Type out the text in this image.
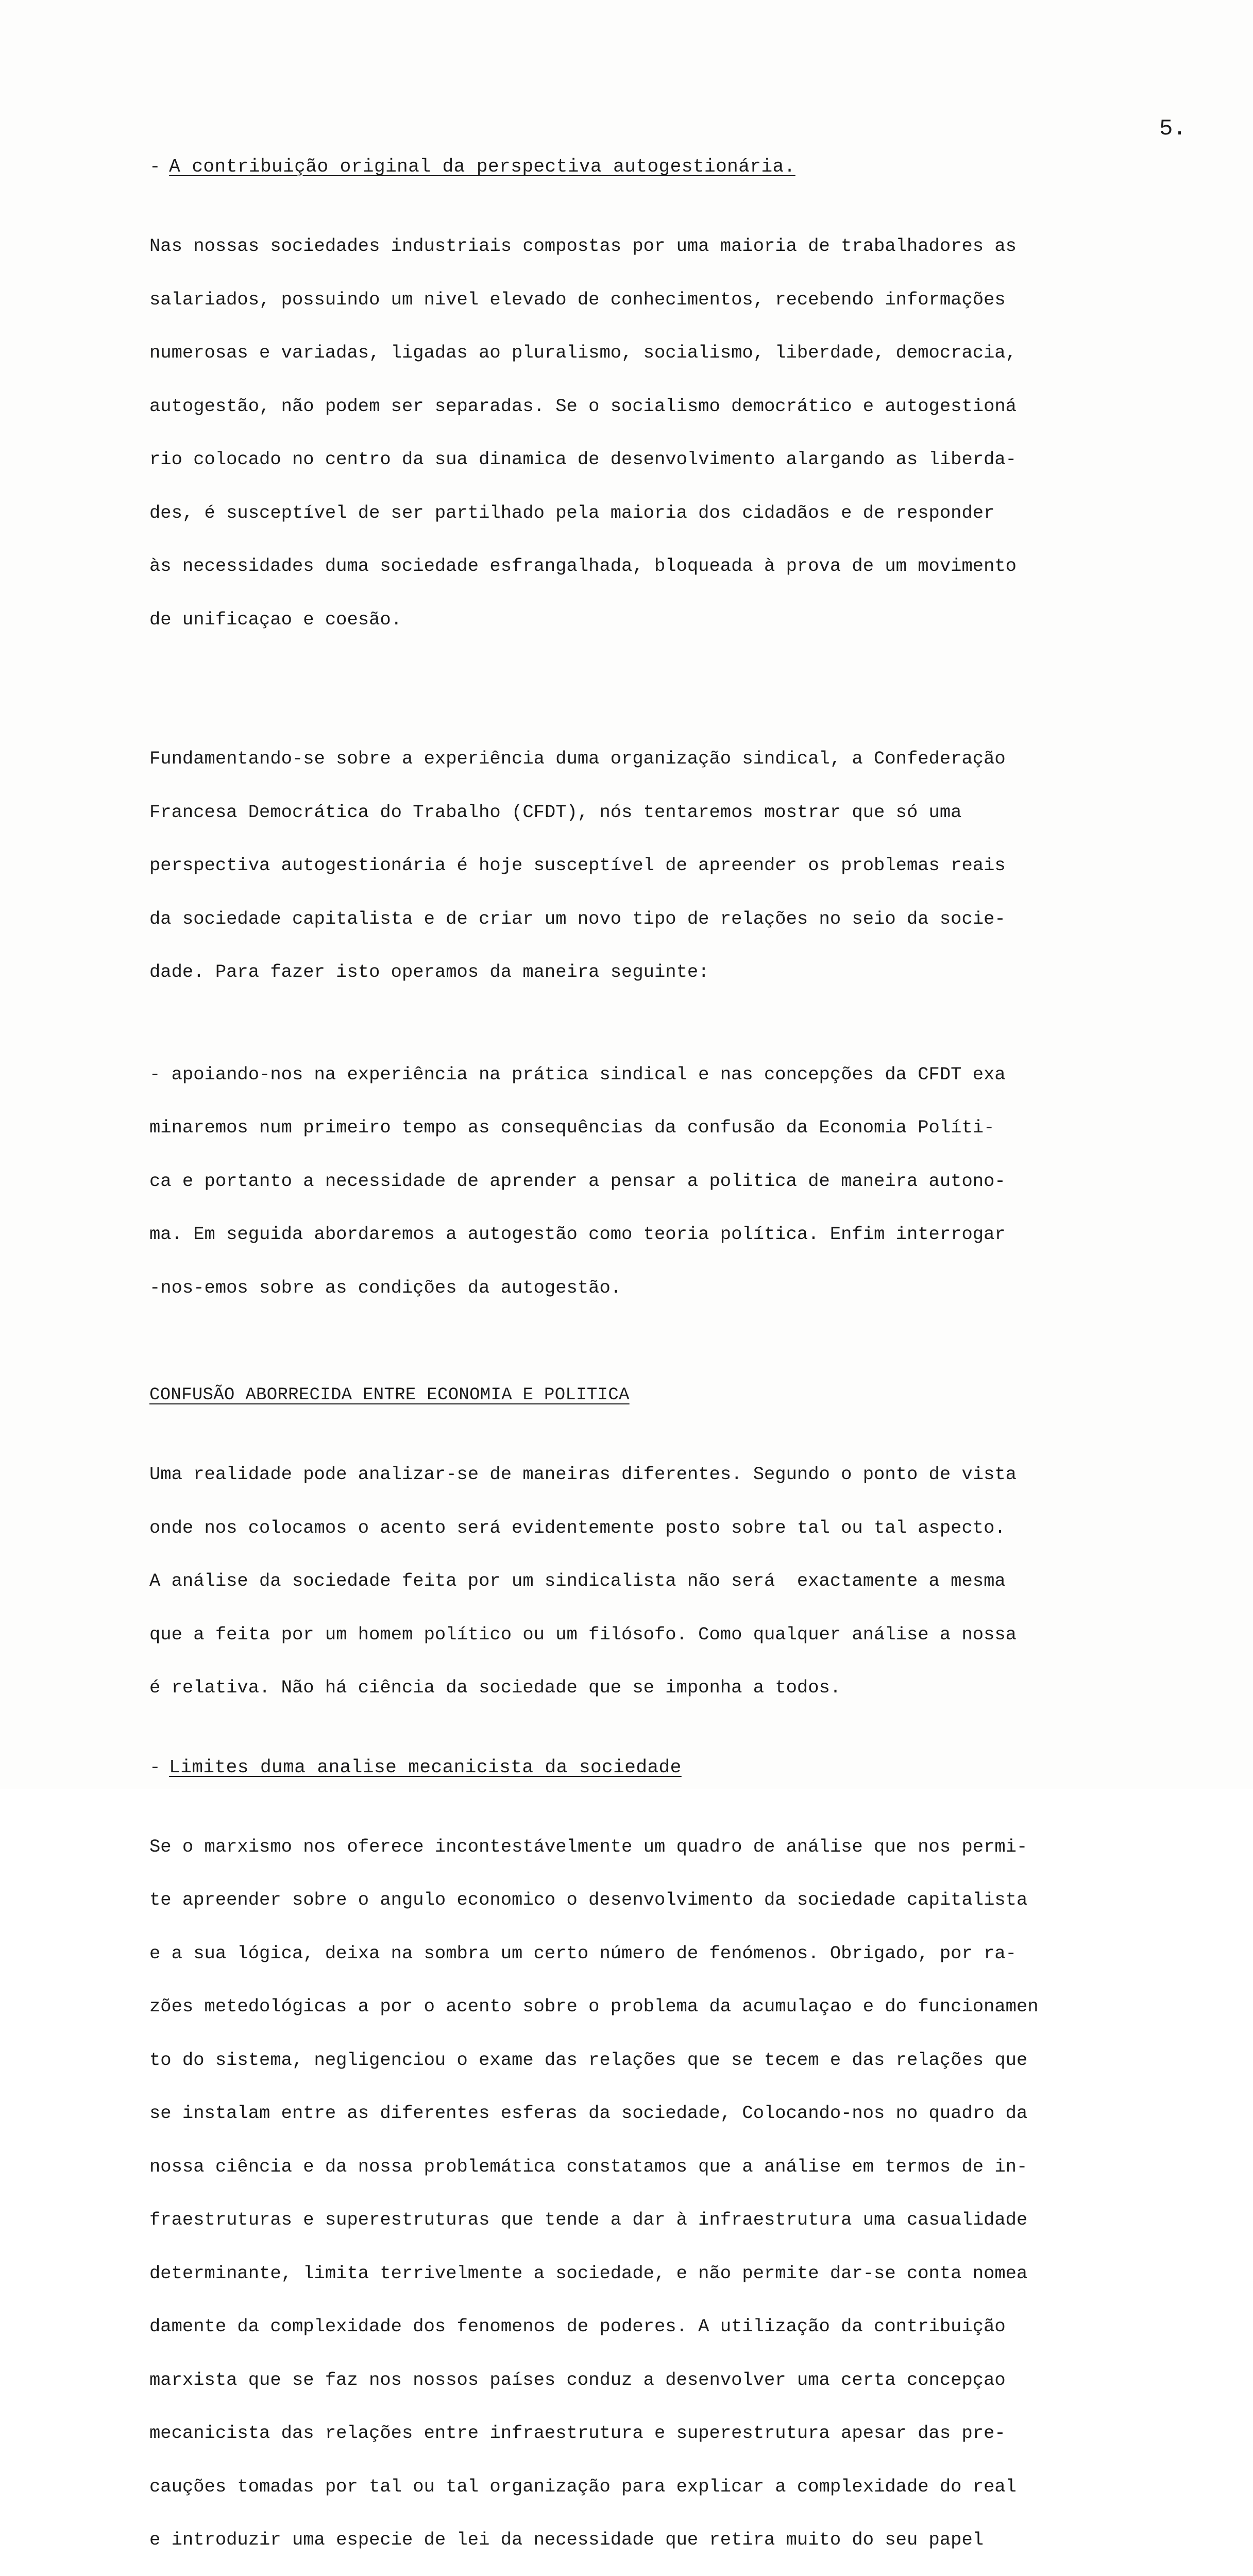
5.
- A contribuição original da perspectiva autogestionária.

Nas nossas sociedades industriais compostas por uma maioria de trabalhadores as

salariados, possuindo um nivel elevado de conhecimentos, recebendo informações

numerosas e variadas, ligadas ao pluralismo, socialismo, liberdade, democracia,

autogestão, não podem ser separadas. Se o socialismo democrático e autogestioná

rio colocado no centro da sua dinamica de desenvolvimento alargando as liberda-

des, é susceptível de ser partilhado pela maioria dos cidadãos e de responder

às necessidades duma sociedade esfrangalhada, bloqueada à prova de um movimento

de unificaçao e coesão.

Fundamentando-se sobre a experiência duma organização sindical, a Confederação

Francesa Democrática do Trabalho (CFDT), nós tentaremos mostrar que só uma

perspectiva autogestionária é hoje susceptível de apreender os problemas reais

da sociedade capitalista e de criar um novo tipo de relações no seio da socie-

dade. Para fazer isto operamos da maneira seguinte:

- apoiando-nos na experiência na prática sindical e nas concepções da CFDT exa

minaremos num primeiro tempo as consequências da confusão da Economia Políti-

ca e portanto a necessidade de aprender a pensar a politica de maneira autono-

ma. Em seguida abordaremos a autogestão como teoria política. Enfim interrogar

-nos-emos sobre as condições da autogestão.

CONFUSÃO ABORRECIDA ENTRE ECONOMIA E POLITICA

Uma realidade pode analizar-se de maneiras diferentes. Segundo o ponto de vista

onde nos colocamos o acento será evidentemente posto sobre tal ou tal aspecto.

A análise da sociedade feita por um sindicalista não será  exactamente a mesma

que a feita por um homem político ou um filósofo. Como qualquer análise a nossa

é relativa. Não há ciência da sociedade que se imponha a todos.

- Limites duma analise mecanicista da sociedade

Se o marxismo nos oferece incontestávelmente um quadro de análise que nos permi-

te apreender sobre o angulo economico o desenvolvimento da sociedade capitalista

e a sua lógica, deixa na sombra um certo número de fenómenos. Obrigado, por ra-

zões metedológicas a por o acento sobre o problema da acumulaçao e do funcionamen

to do sistema, negligenciou o exame das relações que se tecem e das relações que

se instalam entre as diferentes esferas da sociedade, Colocando-nos no quadro da

nossa ciência e da nossa problemática constatamos que a análise em termos de in-

fraestruturas e superestruturas que tende a dar à infraestrutura uma casualidade

determinante, limita terrivelmente a sociedade, e não permite dar-se conta nomea

damente da complexidade dos fenomenos de poderes. A utilização da contribuição

marxista que se faz nos nossos países conduz a desenvolver uma certa concepçao

mecanicista das relações entre infraestrutura e superestrutura apesar das pre-

cauções tomadas por tal ou tal organização para explicar a complexidade do real

e introduzir uma especie de lei da necessidade que retira muito do seu papel
